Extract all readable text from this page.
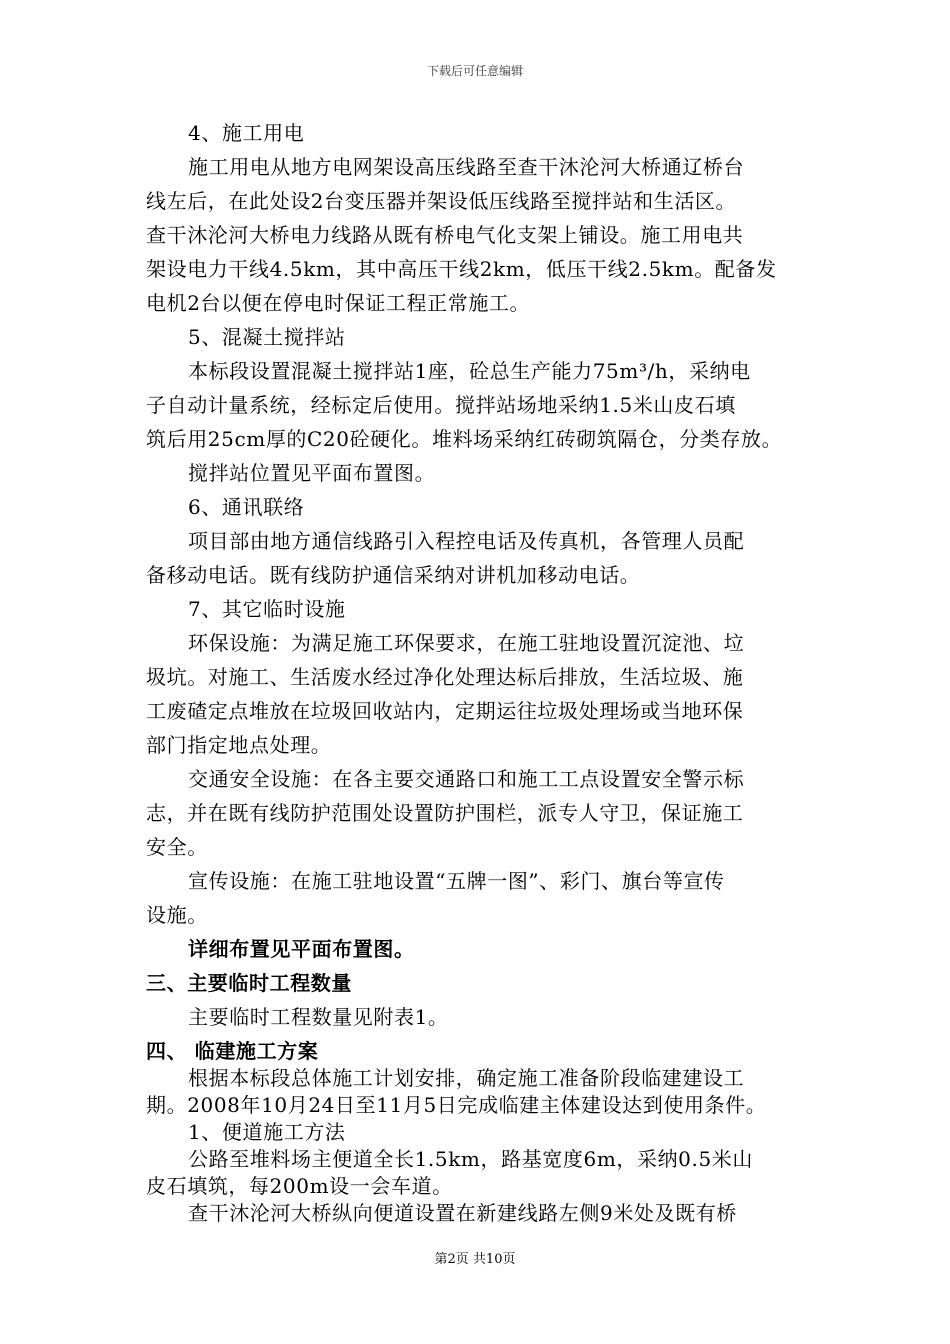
下载后可任意编辑
4、施工用电
施工用电从地方电网架设高压线路至查干沐沦河大桥通辽桥台
线左后，在此处设2台变压器并架设低压线路至搅拌站和生活区。
查干沐沦河大桥电力线路从既有桥电气化支架上铺设。施工用电共
架设电力干线4.5km，其中高压干线2km，低压干线2.5km。配备发
电机2台以便在停电时保证工程正常施工。
5、混凝土搅拌站
本标段设置混凝土搅拌站1座，砼总生产能力75m³/h，采纳电
子自动计量系统，经标定后使用。搅拌站场地采纳1.5米山皮石填
筑后用25cm厚的C20砼硬化。堆料场采纳红砖砌筑隔仓，分类存放。
搅拌站位置见平面布置图。
6、通讯联络
项目部由地方通信线路引入程控电话及传真机，各管理人员配
备移动电话。既有线防护通信采纳对讲机加移动电话。
7、其它临时设施
环保设施：为满足施工环保要求，在施工驻地设置沉淀池、垃
圾坑。对施工、生活废水经过净化处理达标后排放，生活垃圾、施
工废碴定点堆放在垃圾回收站内，定期运往垃圾处理场或当地环保
部门指定地点处理。
交通安全设施：在各主要交通路口和施工工点设置安全警示标
志，并在既有线防护范围处设置防护围栏，派专人守卫，保证施工
安全。
宣传设施：在施工驻地设置“五牌一图”、彩门、旗台等宣传
设施。
详细布置见平面布置图。
三、主要临时工程数量
主要临时工程数量见附表1。
四、 临建施工方案
根据本标段总体施工计划安排，确定施工准备阶段临建建设工
期。2008年10月24日至11月5日完成临建主体建设达到使用条件。
1、便道施工方法
公路至堆料场主便道全长1.5km，路基宽度6m，采纳0.5米山
皮石填筑，每200m设一会车道。
查干沐沦河大桥纵向便道设置在新建线路左侧9米处及既有桥
第2页 共10页
